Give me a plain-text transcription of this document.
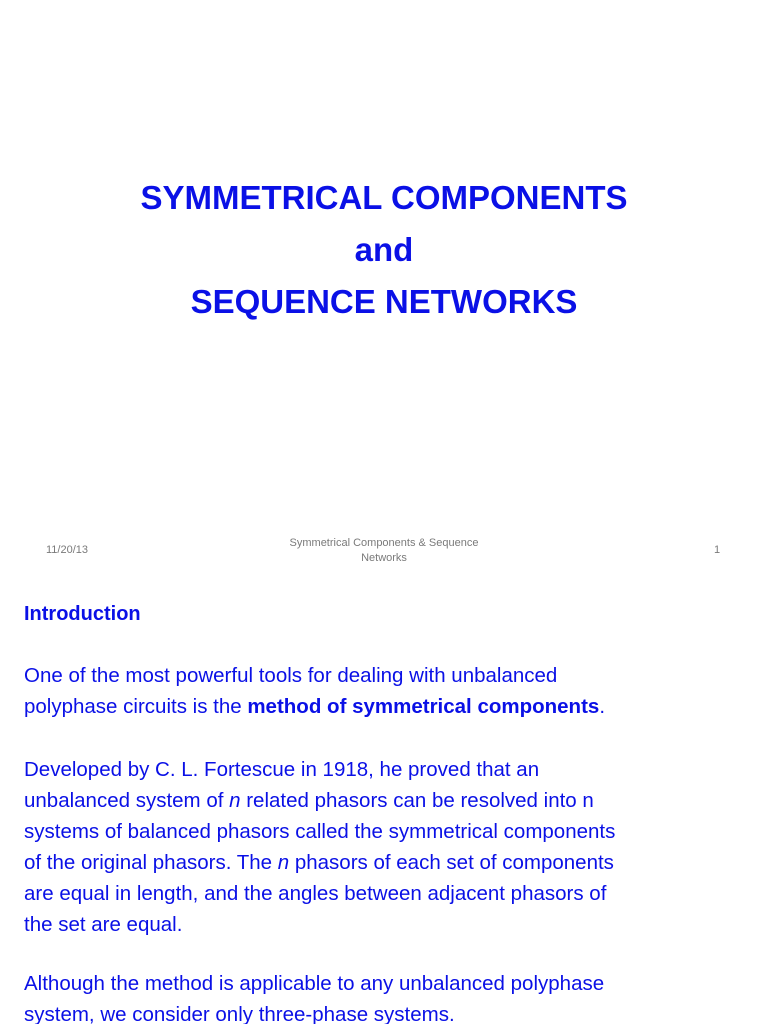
SYMMETRICAL COMPONENTS
and
SEQUENCE NETWORKS
11/20/13
Symmetrical Components & Sequence
Networks
1
Introduction
One of the most powerful tools for dealing with unbalanced
polyphase circuits is the method of symmetrical components.
Developed by C. L. Fortescue in 1918, he proved that an
unbalanced system of n related phasors can be resolved into n
systems of balanced phasors called the symmetrical components
of the original phasors. The n phasors of each set of components
are equal in length, and the angles between adjacent phasors of
the set are equal.
Although the method is applicable to any unbalanced polyphase
system, we consider only three-phase systems.
